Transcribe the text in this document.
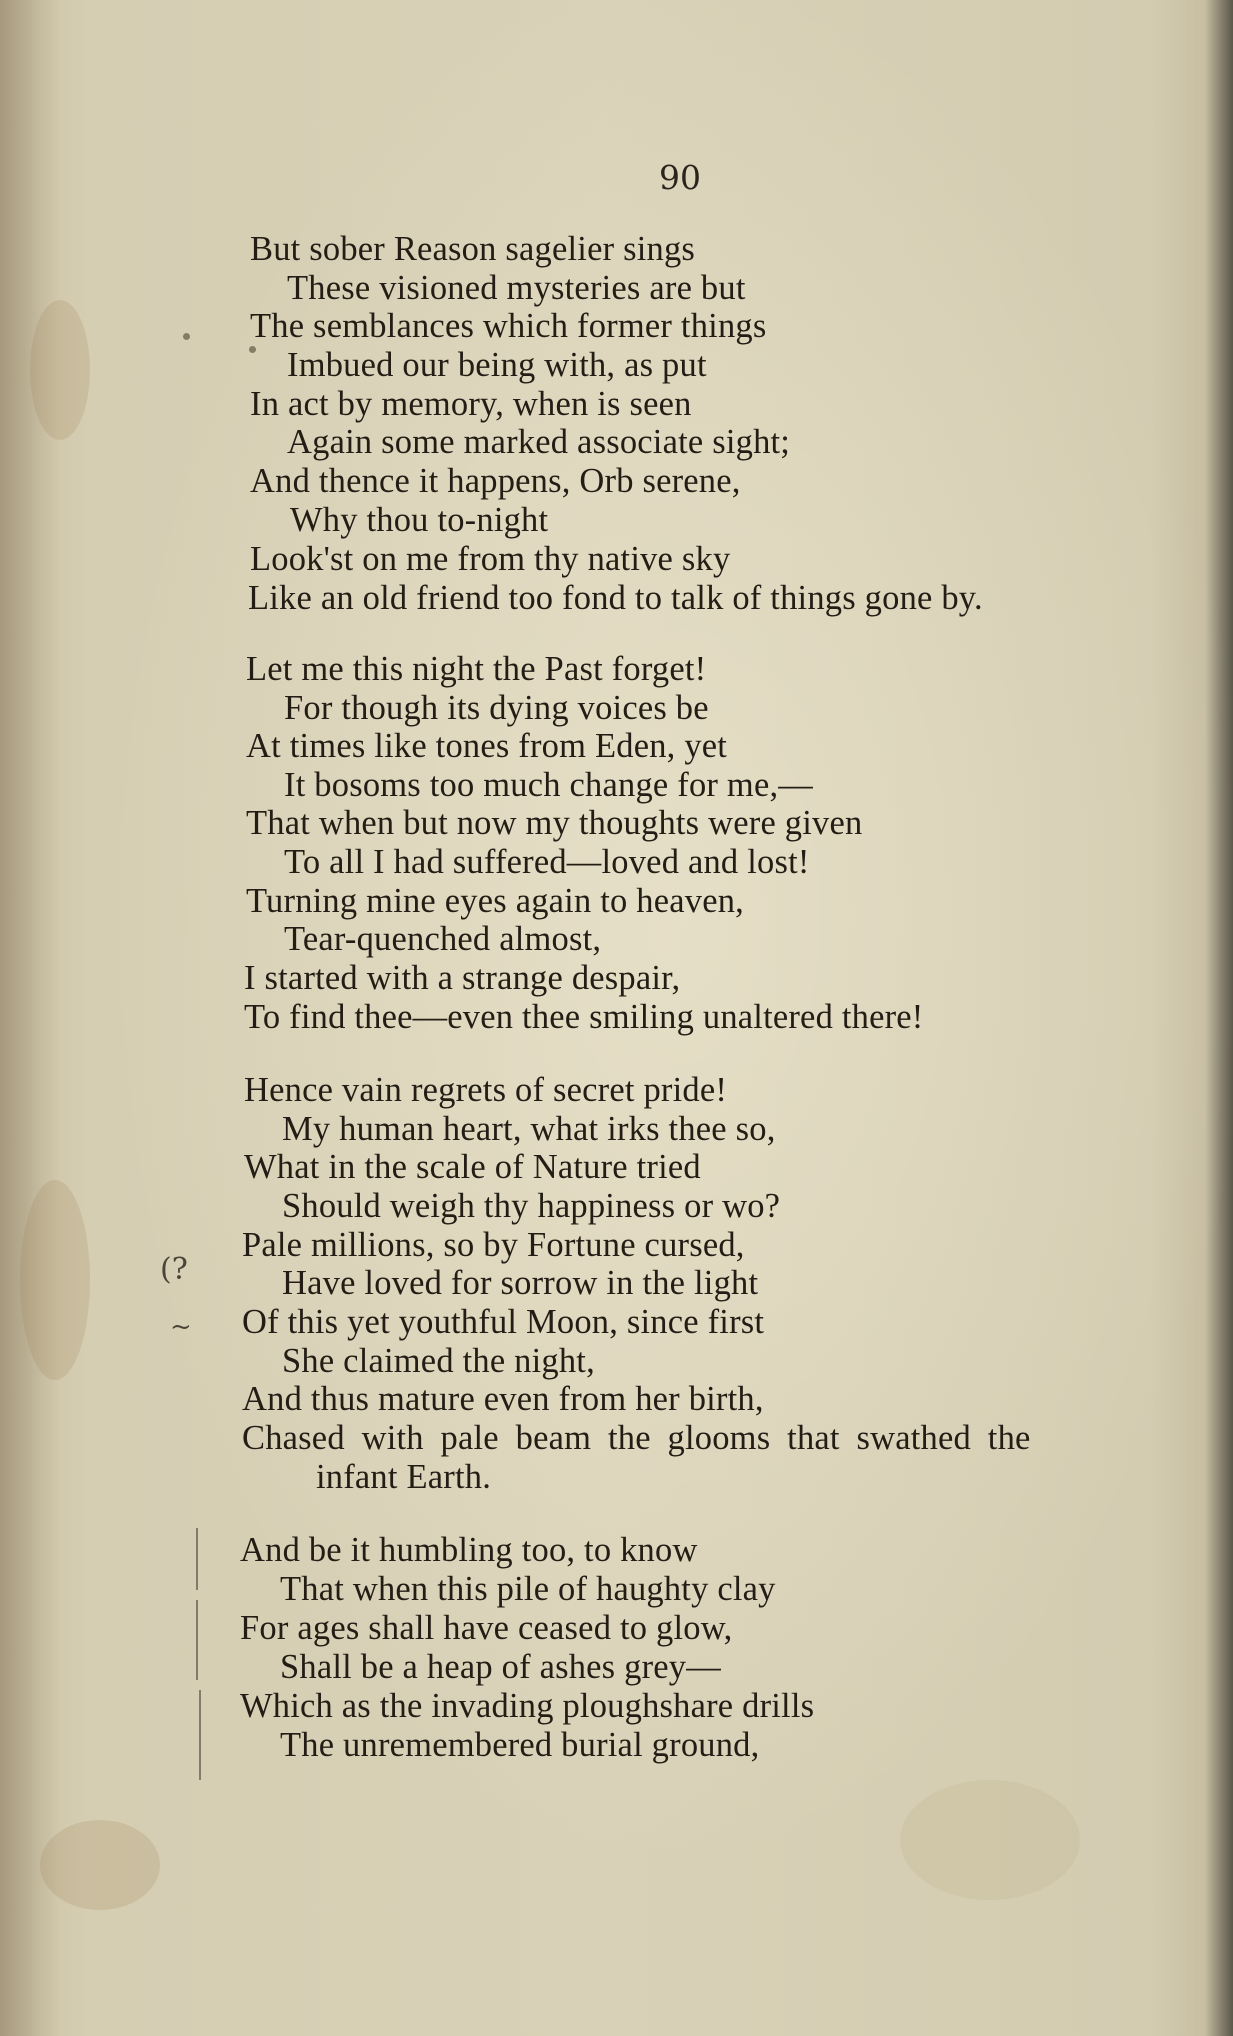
90
(?
~
But sober Reason sagelier sings
These visioned mysteries are but
The semblances which former things
Imbued our being with, as put
In act by memory, when is seen
Again some marked associate sight;
And thence it happens, Orb serene,
Why thou to-night
Look'st on me from thy native sky
Like an old friend too fond to talk of things gone by.
Let me this night the Past forget!
For though its dying voices be
At times like tones from Eden, yet
It bosoms too much change for me,—
That when but now my thoughts were given
To all I had suffered—loved and lost!
Turning mine eyes again to heaven,
Tear-quenched almost,
I started with a strange despair,
To find thee—even thee smiling unaltered there!
Hence vain regrets of secret pride!
My human heart, what irks thee so,
What in the scale of Nature tried
Should weigh thy happiness or wo?
Pale millions, so by Fortune cursed,
Have loved for sorrow in the light
Of this yet youthful Moon, since first
She claimed the night,
And thus mature even from her birth,
Chased with pale beam the glooms that swathed the
infant Earth.
And be it humbling too, to know
That when this pile of haughty clay
For ages shall have ceased to glow,
Shall be a heap of ashes grey—
Which as the invading ploughshare drills
The unremembered burial ground,
